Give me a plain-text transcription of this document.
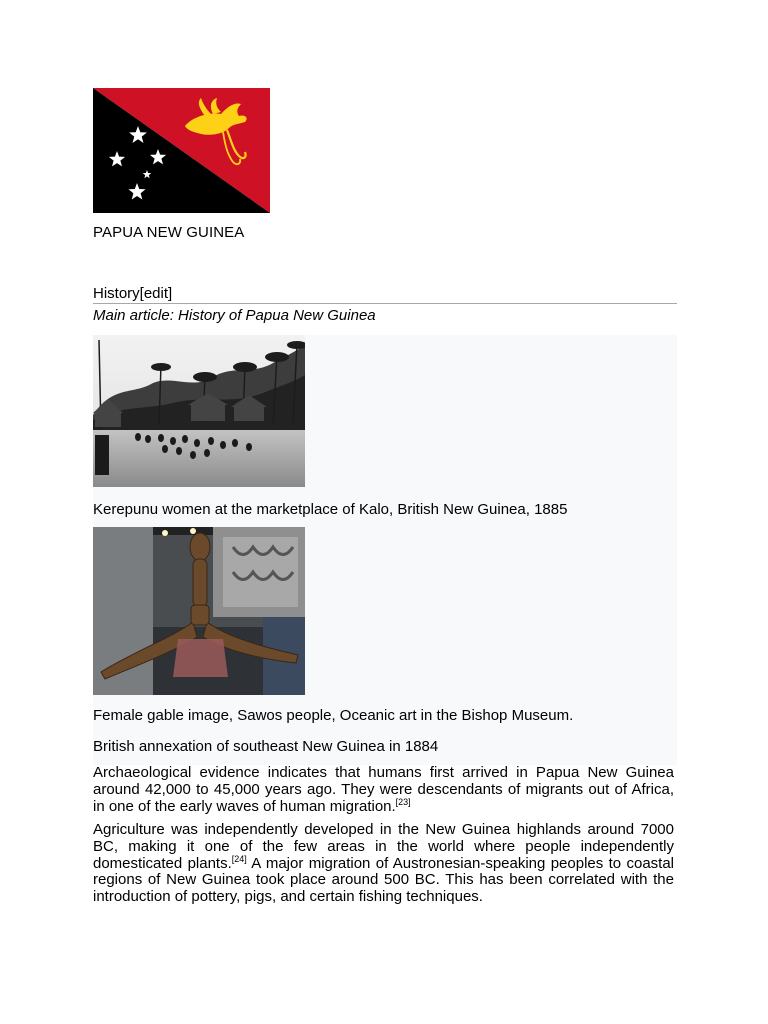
PAPUA NEW GUINEA
History[edit]
Main article: History of Papua New Guinea
Kerepunu women at the marketplace of Kalo, British New Guinea, 1885
Female gable image, Sawos people, Oceanic art in the Bishop Museum.
British annexation of southeast New Guinea in 1884
Archaeological evidence indicates that humans first arrived in Papua New Guinea around 42,000 to 45,000 years ago. They were descendants of migrants out of Africa, in one of the early waves of human migration.[23]
Agriculture was independently developed in the New Guinea highlands around 7000 BC, making it one of the few areas in the world where people independently domesticated plants.[24] A major migration of Austronesian-speaking peoples to coastal regions of New Guinea took place around 500 BC. This has been correlated with the introduction of pottery, pigs, and certain fishing techniques.
